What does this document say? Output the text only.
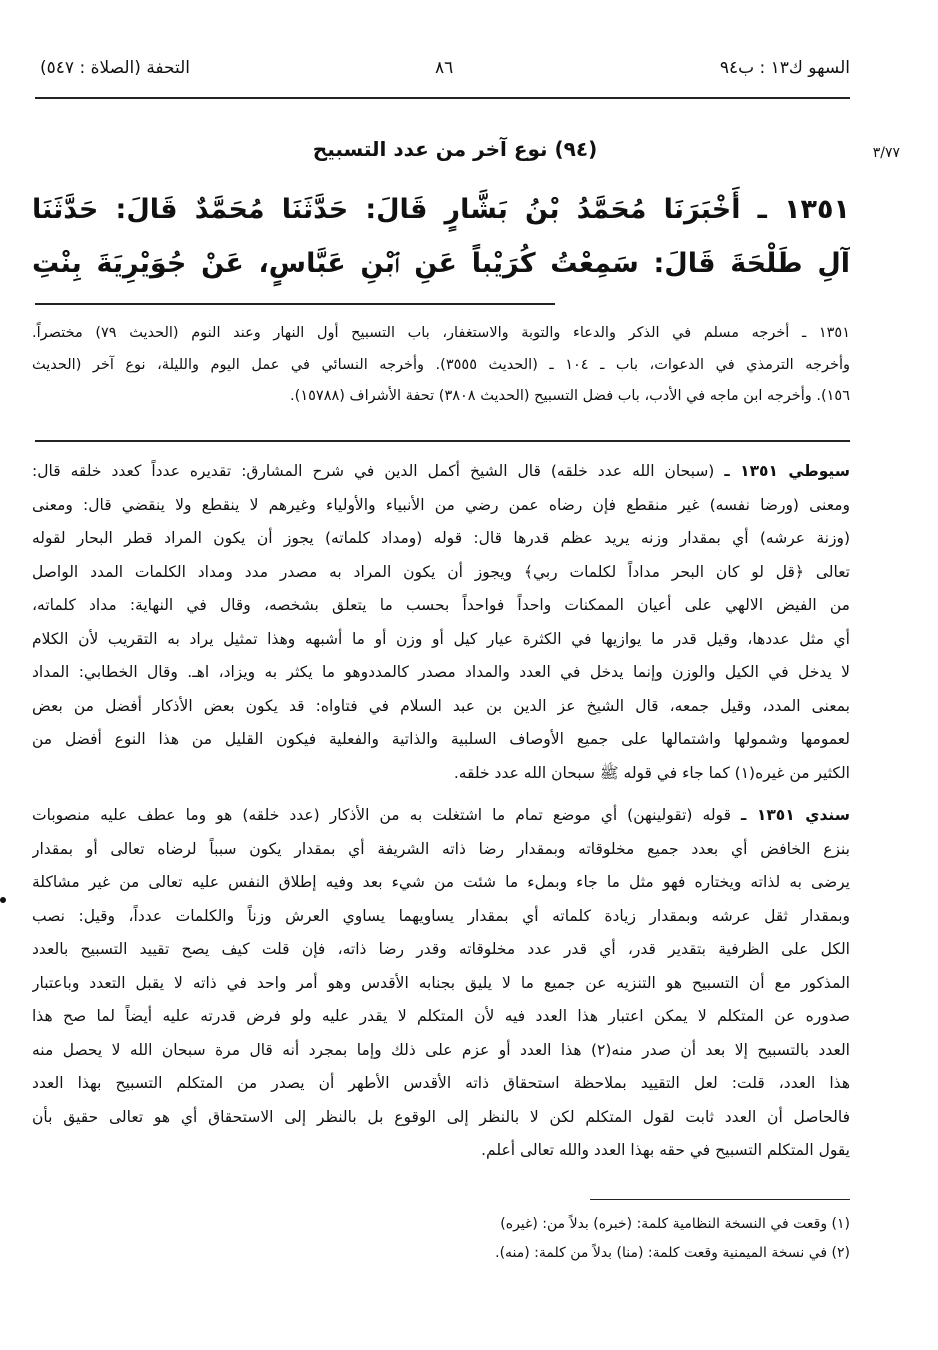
السهو ك١٣ : ب٩٤
٨٦
التحفة (الصلاة : ٥٤٧)
٣/٧٧
(٩٤) نوع آخر من عدد التسبيح
١٣٥١ ـ أَخْبَرَنَا مُحَمَّدُ بْنُ بَشَّارٍ قَالَ: حَدَّثَنَا مُحَمَّدٌ قَالَ: حَدَّثَنَا
آلِ طَلْحَةَ قَالَ: سَمِعْتُ كُرَيْباً عَنِ ٱبْنِ عَبَّاسٍ، عَنْ جُوَيْرِيَةَ بِنْتِ
١٣٥١ ـ أخرجه مسلم في الذكر والدعاء والتوبة والاستغفار، باب التسبيح أول النهار وعند النوم (الحديث ٧٩) مختصراً.
وأخرجه الترمذي في الدعوات، باب ـ ١٠٤ ـ (الحديث ٣٥٥٥). وأخرجه النسائي في عمل اليوم والليلة، نوع آخر (الحديث
١٥٦). وأخرجه ابن ماجه في الأدب، باب فضل التسبيح (الحديث ٣٨٠٨) تحفة الأشراف (١٥٧٨٨).
(١) وقعت في النسخة النظامية كلمة: (خبره) بدلاً من: (غيره)
(٢) في نسخة الميمنية وقعت كلمة: (منا) بدلاً من كلمة: (منه).
سيوطي ١٣٥١ ـ (سبحان الله عدد خلقه) قال الشيخ أكمل الدين في شرح المشارق: تقديره عدداً كعدد خلقه قال:
ومعنى (ورضا نفسه) غير منقطع فإن رضاه عمن رضي من الأنبياء والأولياء وغيرهم لا ينقطع ولا ينقضي قال: ومعنى
(وزنة عرشه) أي بمقدار وزنه يريد عظم قدرها قال: قوله (ومداد كلماته) يجوز أن يكون المراد قطر البحار لقوله
تعالى ﴿قل لو كان البحر مداداً لكلمات ربي﴾ ويجوز أن يكون المراد به مصدر مدد ومداد الكلمات المدد الواصل
من الفيض الالهي على أعيان الممكنات واحداً فواحداً بحسب ما يتعلق بشخصه، وقال في النهاية: مداد كلماته،
أي مثل عددها، وقيل قدر ما يوازيها في الكثرة عيار كيل أو وزن أو ما أشبهه وهذا تمثيل يراد به التقريب لأن الكلام
لا يدخل في الكيل والوزن وإنما يدخل في العدد والمداد مصدر كالمددوهو ما يكثر به ويزاد، اهـ. وقال الخطابي: المداد
بمعنى المدد، وقيل جمعه، قال الشيخ عز الدين بن عبد السلام في فتاواه: قد يكون بعض الأذكار أفضل من بعض
لعمومها وشمولها واشتمالها على جميع الأوصاف السلبية والذاتية والفعلية فيكون القليل من هذا النوع أفضل من
الكثير من غيره(١) كما جاء في قوله ﷺ سبحان الله عدد خلقه.
سندي ١٣٥١ ـ قوله (تقولينهن) أي موضع تمام ما اشتغلت به من الأذكار (عدد خلقه) هو وما عطف عليه منصوبات
بنزع الخافض أي بعدد جميع مخلوقاته وبمقدار رضا ذاته الشريفة أي بمقدار يكون سبباً لرضاه تعالى أو بمقدار
يرضى به لذاته ويختاره فهو مثل ما جاء وبملء ما شئت من شيء بعد وفيه إطلاق النفس عليه تعالى من غير مشاكلة
وبمقدار ثقل عرشه وبمقدار زيادة كلماته أي بمقدار يساويهما يساوي العرش وزناً والكلمات عدداً، وقيل: نصب
الكل على الظرفية بتقدير قدر، أي قدر عدد مخلوقاته وقدر رضا ذاته، فإن قلت كيف يصح تقييد التسبيح بالعدد
المذكور مع أن التسبيح هو التنزيه عن جميع ما لا يليق بجنابه الأقدس وهو أمر واحد في ذاته لا يقبل التعدد وباعتبار
صدوره عن المتكلم لا يمكن اعتبار هذا العدد فيه لأن المتكلم لا يقدر عليه ولو فرض قدرته عليه أيضاً لما صح هذا
العدد بالتسبيح إلا بعد أن صدر منه(٢) هذا العدد أو عزم على ذلك وإما بمجرد أنه قال مرة سبحان الله لا يحصل منه
هذا العدد، قلت: لعل التقييد بملاحظة استحقاق ذاته الأقدس الأطهر أن يصدر من المتكلم التسبيح بهذا العدد
فالحاصل أن العدد ثابت لقول المتكلم لكن لا بالنظر إلى الوقوع بل بالنظر إلى الاستحقاق أي هو تعالى حقيق بأن
يقول المتكلم التسبيح في حقه بهذا العدد والله تعالى أعلم.
